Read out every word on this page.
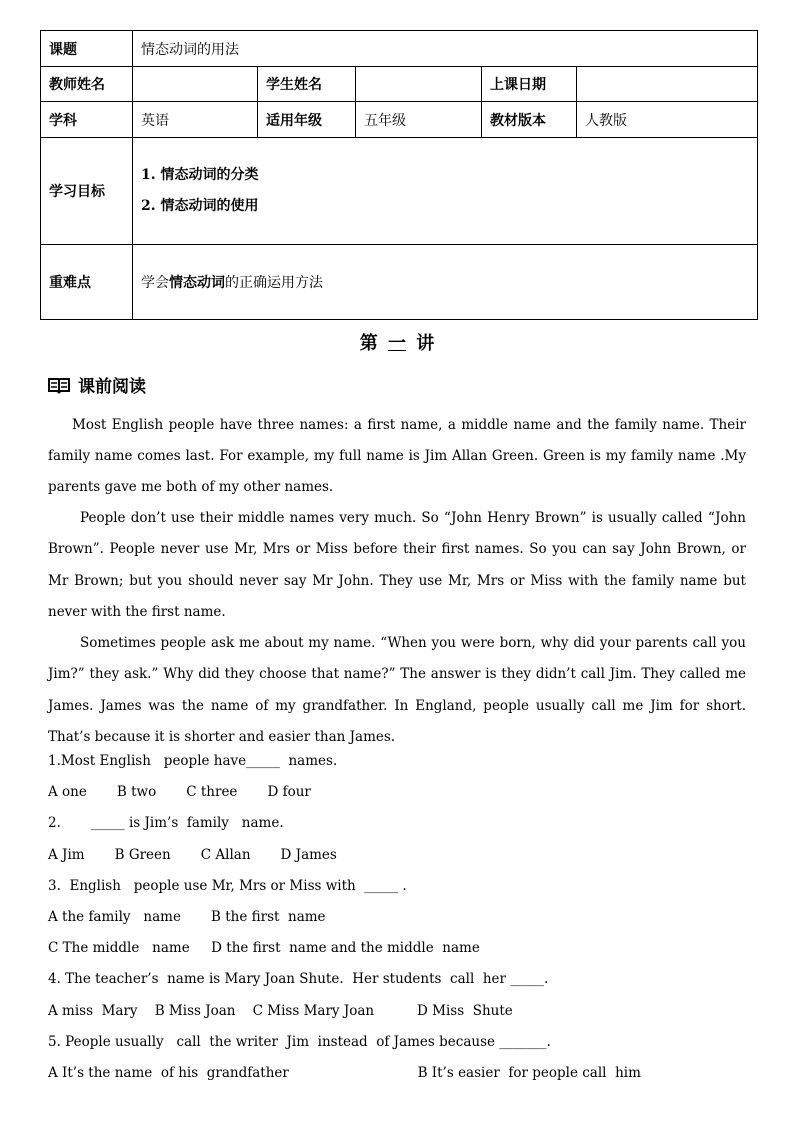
课题	情态动词的用法				
教师姓名		学生姓名		上课日期	
学科	英语	适用年级	五年级	教材版本	人教版
学习目标	1. 情态动词的分类
2. 情态动词的使用				

重难点	学会情态动词的正确运用方法				
第 一 讲
课前阅读
Most English people have three names: a first name, a middle name and the family name. Their family name comes last. For example, my full name is Jim Allan Green. Green is my family name .My parents gave me both of my other names.
People don’t use their middle names very much. So “John Henry Brown” is usually called “John Brown”. People never use Mr, Mrs or Miss before their first names. So you can say John Brown, or Mr Brown; but you should never say Mr John. They use Mr, Mrs or Miss with the family name but never with the first name.
Sometimes people ask me about my name. “When you were born, why did your parents call you Jim?” they ask.” Why did they choose that name?” The answer is they didn’t call Jim. They called me James. James was the name of my grandfather. In England, people usually call me Jim for short. That’s because it is shorter and easier than James.
1.Most English   people have_____  names.
A one       B two       C three       D four
2.       _____ is Jim’s  family   name.
A Jim       B Green       C Allan       D James
3.  English   people use Mr, Mrs or Miss with  _____ .
A the family   name       B the first  name
C The middle   name     D the first  name and the middle  name
4. The teacher’s  name is Mary Joan Shute.  Her students  call  her _____.
A miss  Mary    B Miss Joan    C Miss Mary Joan          D Miss  Shute
5. People usually   call  the writer  Jim  instead  of James because _______.
A It’s the name  of his  grandfather                              B It’s easier  for people call  him
